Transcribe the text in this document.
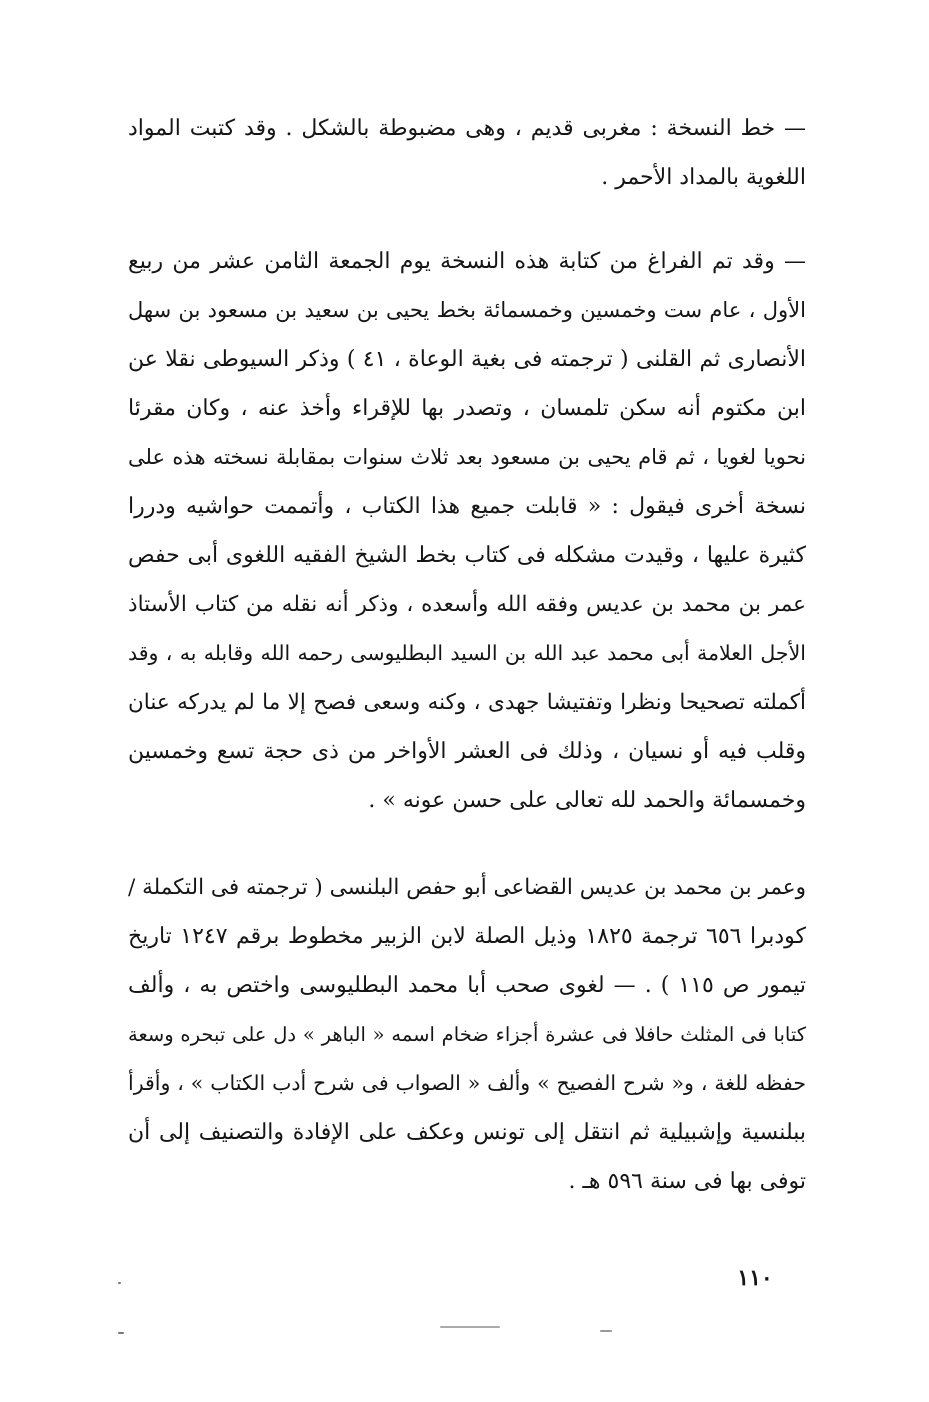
— خط النسخة : مغربى قديم ، وهى مضبوطة بالشكل . وقد كتبت المواد
اللغوية بالمداد الأحمر .
— وقد تم الفراغ من كتابة هذه النسخة يوم الجمعة الثامن عشر من ربيع
الأول ، عام ست وخمسين وخمسمائة بخط يحيى بن سعيد بن مسعود بن سهل
الأنصارى ثم القلنى ( ترجمته فى بغية الوعاة ، ٤١ ) وذكر السيوطى نقلا عن
ابن مكتوم أنه سكن تلمسان ، وتصدر بها للإقراء وأخذ عنه ، وكان مقرئا
نحويا لغويا ، ثم قام يحيى بن مسعود بعد ثلاث سنوات بمقابلة نسخته هذه على
نسخة أخرى فيقول : « قابلت جميع هذا الكتاب ، وأتممت حواشيه ودررا
كثيرة عليها ، وقيدت مشكله فى كتاب بخط الشيخ الفقيه اللغوى أبى حفص
عمر بن محمد بن عديس وفقه الله وأسعده ، وذكر أنه نقله من كتاب الأستاذ
الأجل العلامة أبى محمد عبد الله بن السيد البطليوسى رحمه الله وقابله به ، وقد
أكملته تصحيحا ونظرا وتفتيشا جهدى ، وكنه وسعى فصح إلا ما لم يدركه عنان
وقلب فيه أو نسيان ، وذلك فى العشر الأواخر من ذى حجة تسع وخمسين
وخمسمائة والحمد لله تعالى على حسن عونه » .
وعمر بن محمد بن عديس القضاعى أبو حفص البلنسى ( ترجمته فى التكملة /
كودبرا ٦٥٦ ترجمة ١٨٢٥ وذيل الصلة لابن الزبير مخطوط برقم ١٢٤٧ تاريخ
تيمور ص ١١٥ ) . — لغوى صحب أبا محمد البطليوسى واختص به ، وألف
كتابا فى المثلث حافلا فى عشرة أجزاء ضخام اسمه « الباهر » دل على تبحره وسعة
حفظه للغة ، و« شرح الفصيح » وألف « الصواب فى شرح أدب الكتاب » ، وأقرأ
ببلنسية وإشبيلية ثم انتقل إلى تونس وعكف على الإفادة والتصنيف إلى أن
توفى بها فى سنة ٥٩٦ هـ .
١١٠
